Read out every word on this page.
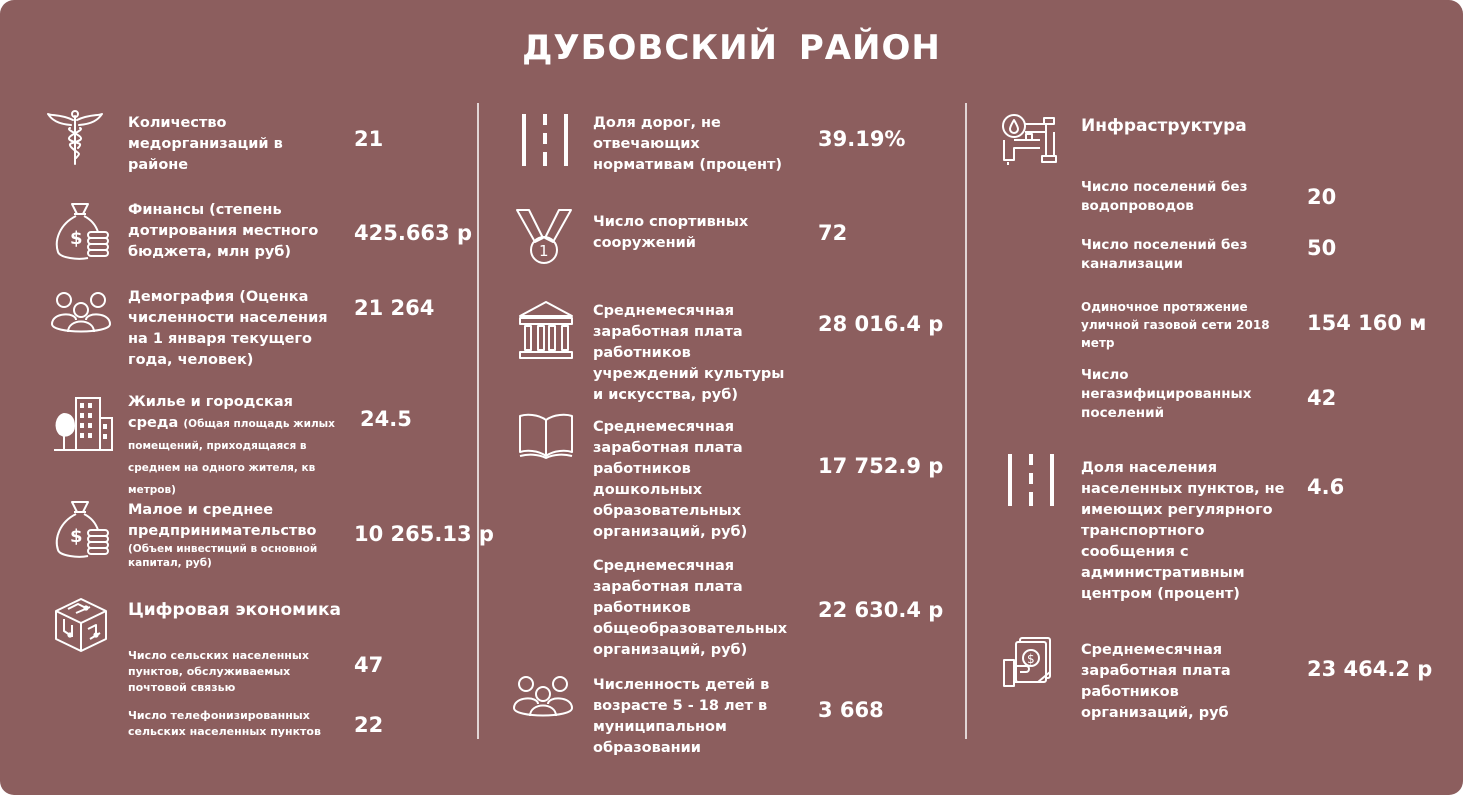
ДУБОВСКИЙ РАЙОН
Количество медорганизаций в районе
21
$
Финансы (степень дотирования местного бюджета, млн руб)
425.663 р
Демография (Оценка численности населения на 1 января текущего года, человек)
21 264
Жилье и городская среда (Общая площадь жилых помещений, приходящаяся в среднем на одного жителя, кв метров)
24.5
$
Малое и среднее предпринимательство
(Объем инвестиций в основной капитал, руб)
10 265.13 р
Цифровая экономика
Число сельских населенных пунктов, обслуживаемых почтовой связью
47
Число телефонизированных сельских населенных пунктов	22
Доля дорог, не отвечающих нормативам (процент)
39.19%
1
Число спортивных сооружений	72
Среднемесячная заработная плата работников учреждений культуры и искусства, руб)
28 016.4 р
Среднемесячная заработная плата работников дошкольных образовательных организаций, руб)
17 752.9 р
Среднемесячная заработная плата работников общеобразовательных организаций, руб)
22 630.4 р
Численность детей в возрасте 5 - 18 лет в муниципальном образовании
3 668
Инфраструктура
Число поселений без водопроводов	20
Число поселений без канализации
50
Одиночное протяжение уличной газовой сети 2018 метр
154 160 м
Число негазифицированных поселений
42
Доля населения населенных пунктов, не имеющих регулярного транспортного сообщения с административным центром (процент)
4.6
$
Среднемесячная заработная плата работников организаций, руб
23 464.2 р
